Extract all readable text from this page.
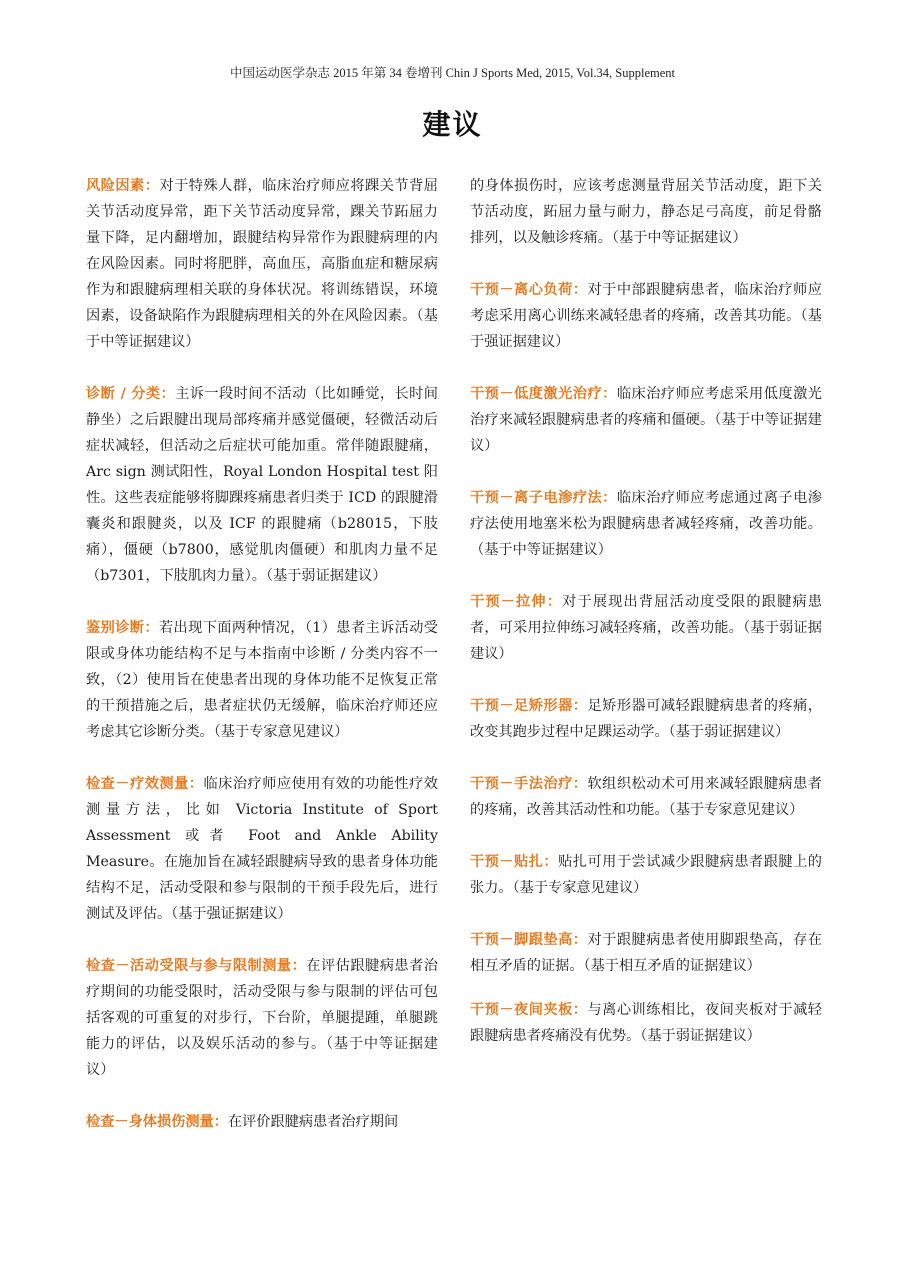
中国运动医学杂志 2015 年第 34 卷增刊 Chin J Sports Med, 2015, Vol.34, Supplement
建议

风险因素：对于特殊人群，临床治疗师应将踝关节背屈关节活动度异常，距下关节活动度异常，踝关节跖屈力量下降，足内翻增加，跟腱结构异常作为跟腱病理的内在风险因素。同时将肥胖，高血压，高脂血症和糖尿病作为和跟腱病理相关联的身体状况。将训练错误，环境因素，设备缺陷作为跟腱病理相关的外在风险因素。（基于中等证据建议）

诊断 / 分类：主诉一段时间不活动（比如睡觉，长时间静坐）之后跟腱出现局部疼痛并感觉僵硬，轻微活动后症状减轻，但活动之后症状可能加重。常伴随跟腱痛，Arc sign 测试阳性，Royal London Hospital test 阳性。这些表症能够将脚踝疼痛患者归类于 ICD 的跟腱滑囊炎和跟腱炎，以及 ICF 的跟腱痛（b28015，下肢痛），僵硬（b7800，感觉肌肉僵硬）和肌肉力量不足（b7301，下肢肌肉力量）。（基于弱证据建议）

鉴别诊断：若出现下面两种情况，（1）患者主诉活动受限或身体功能结构不足与本指南中诊断 / 分类内容不一致，（2）使用旨在使患者出现的身体功能不足恢复正常的干预措施之后，患者症状仍无缓解，临床治疗师还应考虑其它诊断分类。（基于专家意见建议）

检查－疗效测量：临床治疗师应使用有效的功能性疗效测量方法，比如 Victoria Institute of Sport Assessment 或者 Foot and Ankle Ability Measure。在施加旨在减轻跟腱病导致的患者身体功能结构不足，活动受限和参与限制的干预手段先后，进行测试及评估。（基于强证据建议）

检查－活动受限与参与限制测量：在评估跟腱病患者治疗期间的功能受限时，活动受限与参与限制的评估可包括客观的可重复的对步行，下台阶，单腿提踵，单腿跳能力的评估，以及娱乐活动的参与。（基于中等证据建议）

检查－身体损伤测量：在评价跟腱病患者治疗期间

的身体损伤时，应该考虑测量背屈关节活动度，距下关节活动度，跖屈力量与耐力，静态足弓高度，前足骨骼排列，以及触诊疼痛。（基于中等证据建议）

干预－离心负荷：对于中部跟腱病患者，临床治疗师应考虑采用离心训练来减轻患者的疼痛，改善其功能。（基于强证据建议）

干预－低度激光治疗：临床治疗师应考虑采用低度激光治疗来减轻跟腱病患者的疼痛和僵硬。（基于中等证据建议）

干预－离子电渗疗法：临床治疗师应考虑通过离子电渗疗法使用地塞米松为跟腱病患者减轻疼痛，改善功能。（基于中等证据建议）

干预－拉伸：对于展现出背屈活动度受限的跟腱病患者，可采用拉伸练习减轻疼痛，改善功能。（基于弱证据建议）

干预－足矫形器：足矫形器可减轻跟腱病患者的疼痛，改变其跑步过程中足踝运动学。（基于弱证据建议）

干预－手法治疗：软组织松动术可用来减轻跟腱病患者的疼痛，改善其活动性和功能。（基于专家意见建议）

干预－贴扎：贴扎可用于尝试减少跟腱病患者跟腱上的张力。（基于专家意见建议）

干预－脚跟垫高：对于跟腱病患者使用脚跟垫高，存在相互矛盾的证据。（基于相互矛盾的证据建议）

干预－夜间夹板：与离心训练相比，夜间夹板对于减轻跟腱病患者疼痛没有优势。（基于弱证据建议）
